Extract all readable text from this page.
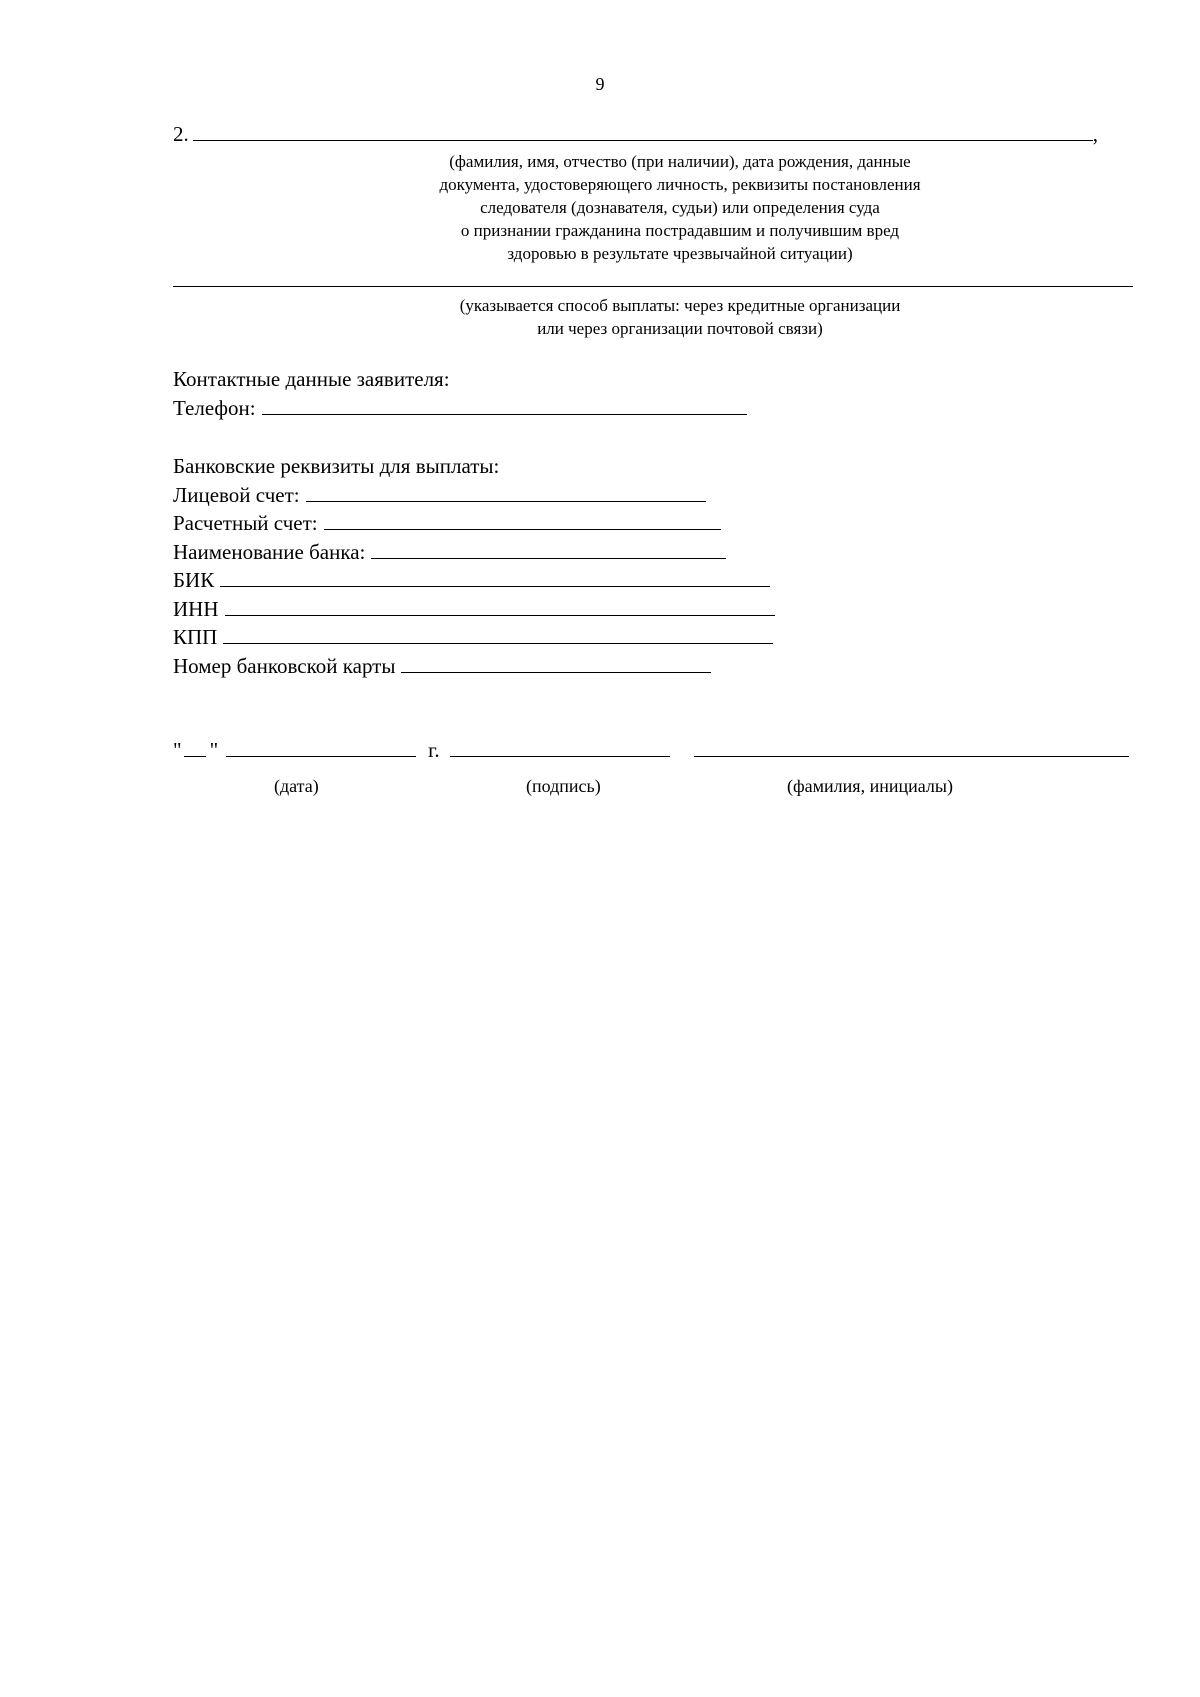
9
2.	,
(фамилия, имя, отчество (при наличии), дата рождения, данные
документа, удостоверяющего личность, реквизиты постановления
следователя (дознавателя, судьи) или определения суда
о признании гражданина пострадавшим и получившим вред
здоровью в результате чрезвычайной ситуации)
(указывается способ выплаты: через кредитные организации
или через организации почтовой связи)
Контактные данные заявителя:
Телефон:
Банковские реквизиты для выплаты:
Лицевой счет:
Расчетный счет:
Наименование банка:
БИК
ИНН
КПП
Номер банковской карты
" "	г.
(дата)	(подпись)	(фамилия, инициалы)
